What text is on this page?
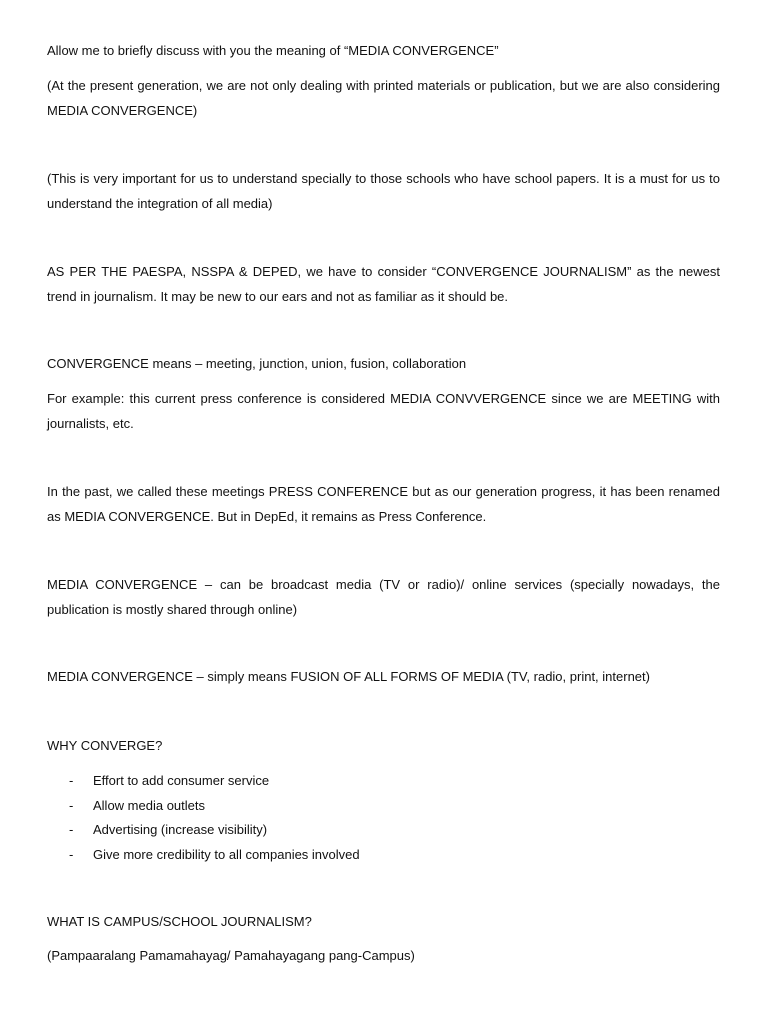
Allow me to briefly discuss with you the meaning of “MEDIA CONVERGENCE”

(At the present generation, we are not only dealing with printed materials or publication, but we are also considering MEDIA CONVERGENCE)

(This is very important for us to understand specially to those schools who have school papers. It is a must for us to understand the integration of all media)

AS PER THE PAESPA, NSSPA & DEPED, we have to consider “CONVERGENCE JOURNALISM” as the newest trend in journalism. It may be new to our ears and not as familiar as it should be.

CONVERGENCE means – meeting, junction, union, fusion, collaboration

For example: this current press conference is considered MEDIA CONVVERGENCE since we are MEETING with journalists, etc.

In the past, we called these meetings PRESS CONFERENCE but as our generation progress, it has been renamed as MEDIA CONVERGENCE. But in DepEd, it remains as Press Conference.

MEDIA CONVERGENCE – can be broadcast media (TV or radio)/ online services (specially nowadays, the publication is mostly shared through online)

MEDIA CONVERGENCE – simply means FUSION OF ALL FORMS OF MEDIA (TV, radio, print, internet)

WHY CONVERGE?

- Effort to add consumer service
- Allow media outlets
- Advertising (increase visibility)
- Give more credibility to all companies involved

WHAT IS CAMPUS/SCHOOL JOURNALISM?

(Pampaaralang Pamamahayag/ Pamahayagang pang-Campus)
